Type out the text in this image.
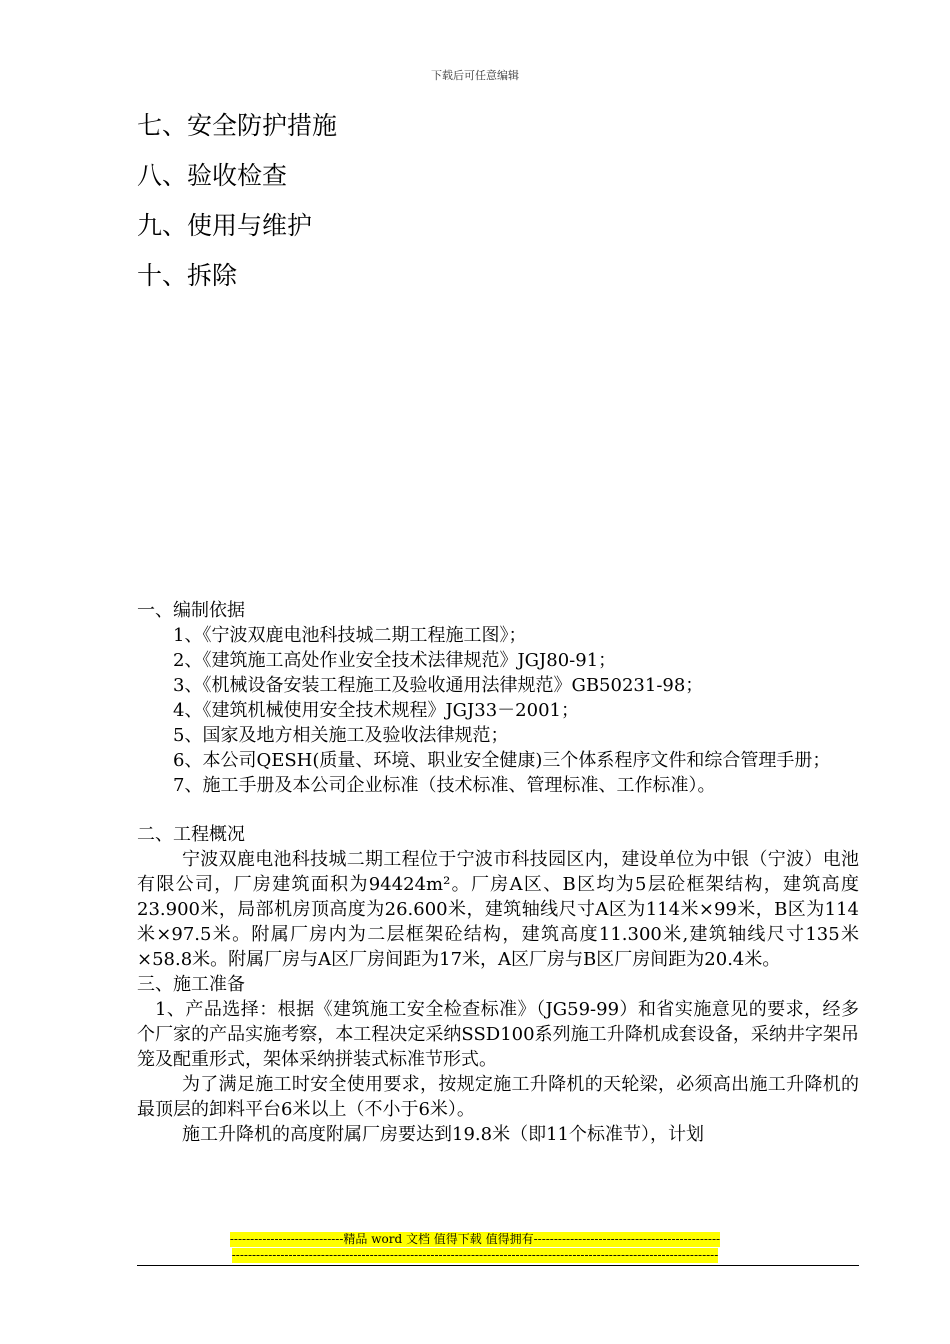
下载后可任意编辑
七、安全防护措施
八、验收检查
九、使用与维护
十、拆除

一、编制依据

1、《宁波双鹿电池科技城二期工程施工图》；

2、《建筑施工高处作业安全技术法律规范》JGJ80-91；

3、《机械设备安装工程施工及验收通用法律规范》GB50231-98；

4、《建筑机械使用安全技术规程》JGJ33－2001；

5、国家及地方相关施工及验收法律规范；

6、本公司QESH(质量、环境、职业安全健康)三个体系程序文件和综合管理手册；

7、施工手册及本公司企业标准（技术标准、管理标准、工作标准）。

二、工程概况

宁波双鹿电池科技城二期工程位于宁波市科技园区内，建设单位为中银（宁波）电池有限公司，厂房建筑面积为94424m²。厂房A区、B区均为5层砼框架结构，建筑高度23.900米，局部机房顶高度为26.600米，建筑轴线尺寸A区为114米×99米，B区为114米×97.5米。附属厂房内为二层框架砼结构，建筑高度11.300米,建筑轴线尺寸135米×58.8米。附属厂房与A区厂房间距为17米，A区厂房与B区厂房间距为20.4米。

三、施工准备

1、产品选择：根据《建筑施工安全检查标准》（JG59-99）和省实施意见的要求，经多个厂家的产品实施考察，本工程决定采纳SSD100系列施工升降机成套设备，采纳井字架吊笼及配重形式，架体采纳拼装式标准节形式。

为了满足施工时安全使用要求，按规定施工升降机的天轮梁，必须高出施工升降机的最顶层的卸料平台6米以上（不小于6米）。

施工升降机的高度附属厂房要达到19.8米（即11个标准节），计划

----------------------------精品 word 文档 值得下载 值得拥有----------------------------------------------
------------------------------------------------------------------------------------------------------------------------
